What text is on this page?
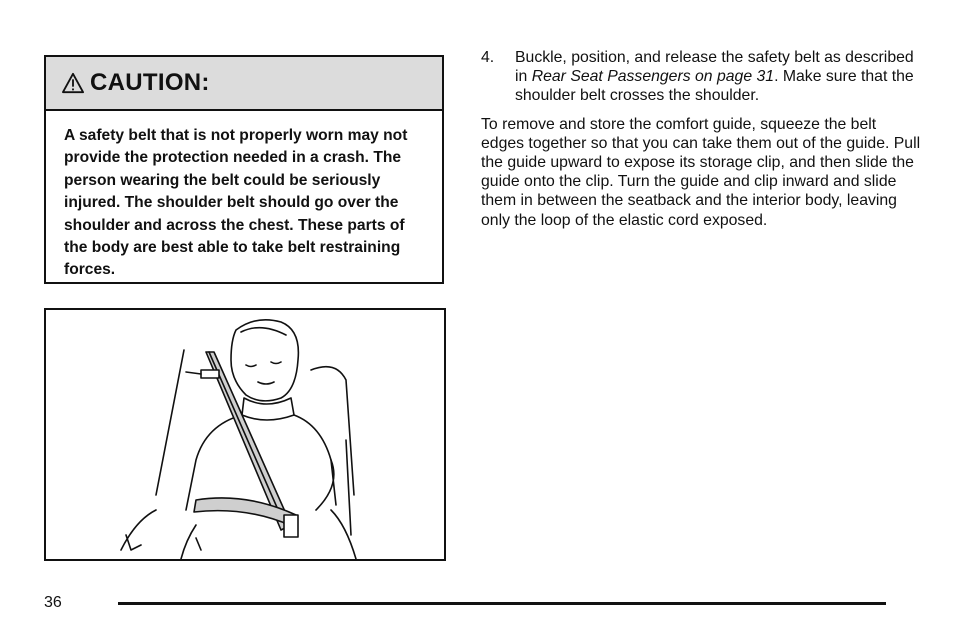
CAUTION:
A safety belt that is not properly worn may not provide the protection needed in a crash. The person wearing the belt could be seriously injured. The shoulder belt should go over the shoulder and across the chest. These parts of the body are best able to take belt restraining forces.
4.	Buckle, position, and release the safety belt as described in Rear Seat Passengers on page 31. Make sure that the shoulder belt crosses the shoulder.
To remove and store the comfort guide, squeeze the belt edges together so that you can take them out of the guide. Pull the guide upward to expose its storage clip, and then slide the guide onto the clip. Turn the guide and clip inward and slide them in between the seatback and the interior body, leaving only the loop of the elastic cord exposed.
36
